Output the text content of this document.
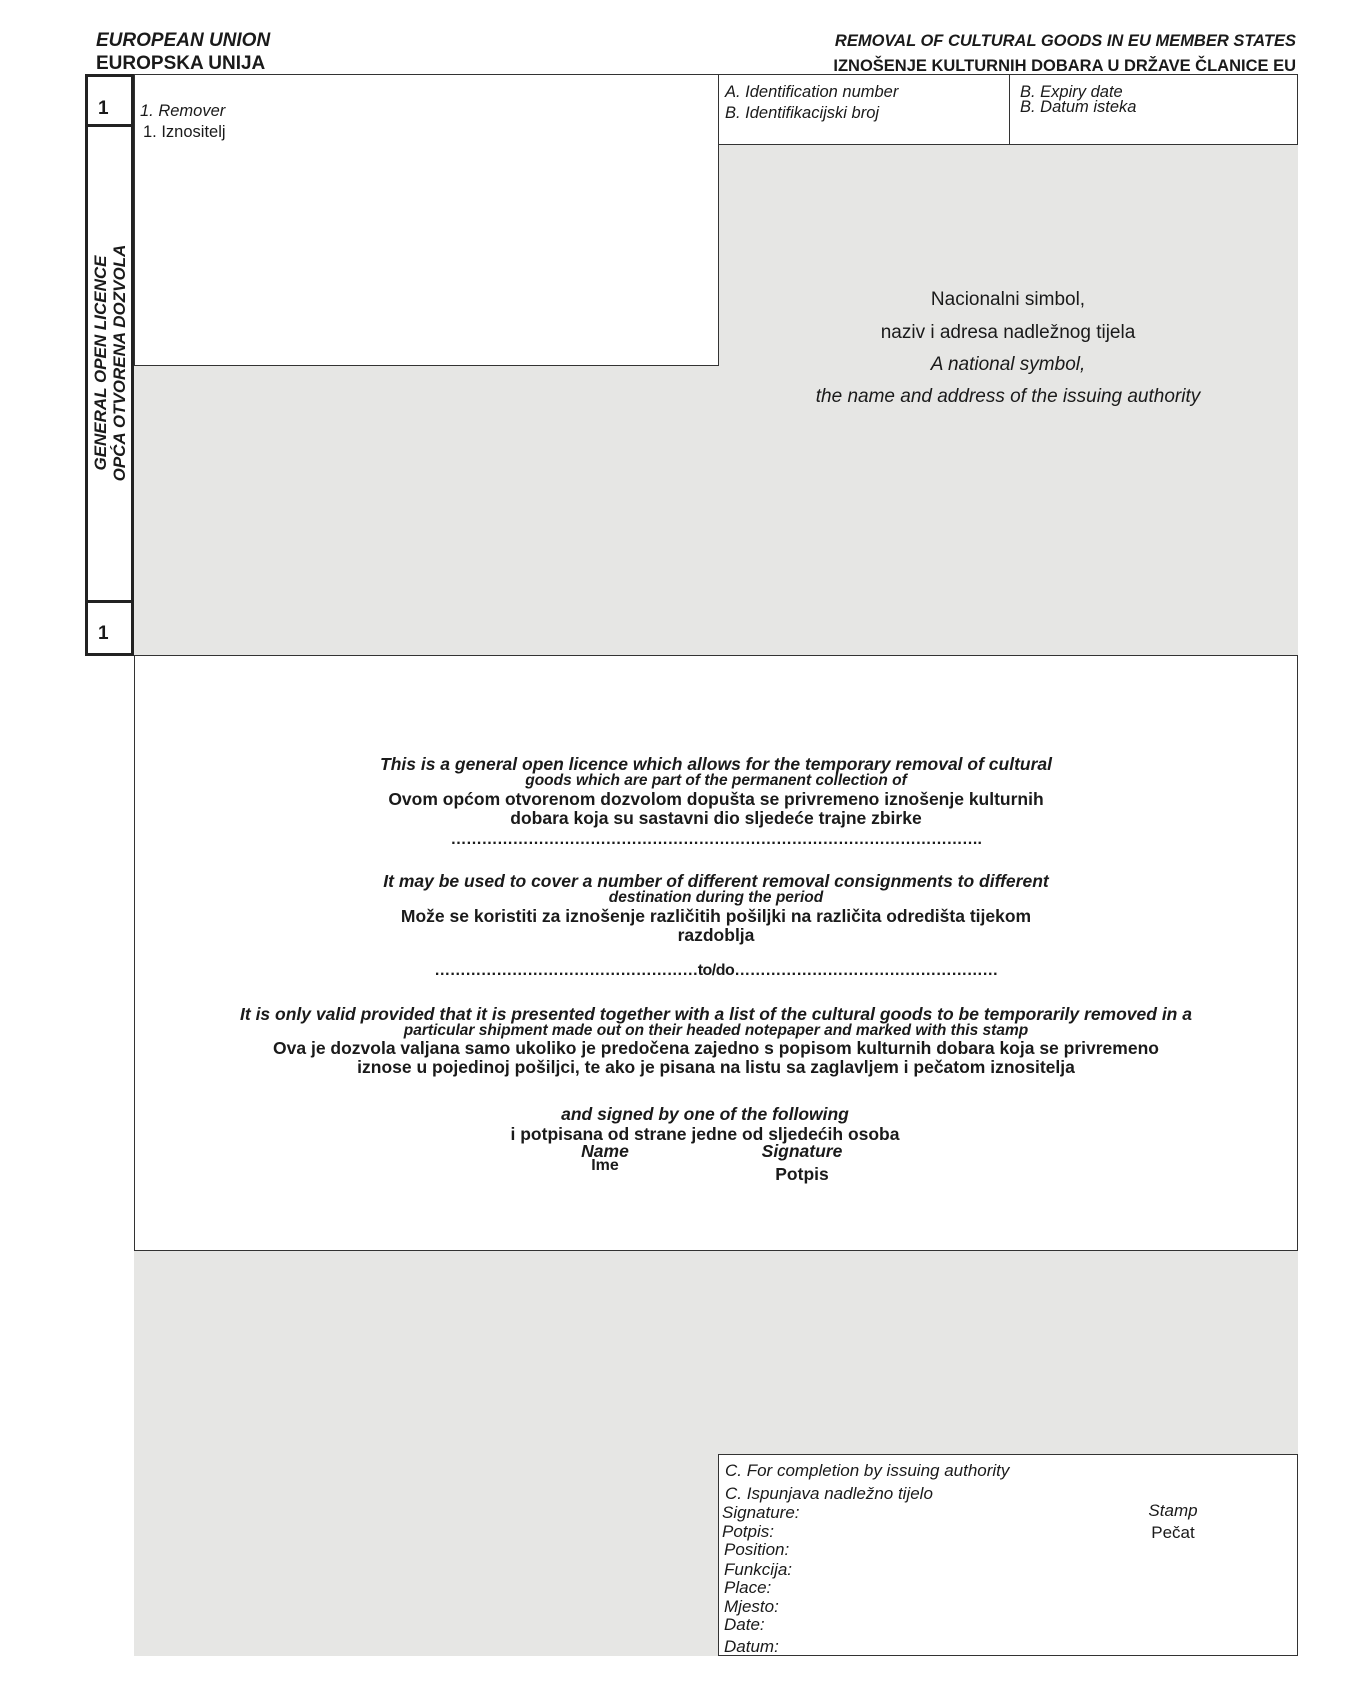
EUROPEAN UNION
EUROPSKA UNIJA
REMOVAL OF CULTURAL GOODS IN EU MEMBER STATES
IZNOŠENJE KULTURNIH DOBARA U DRŽAVE ČLANICE EU
1
1
GENERAL OPEN LICENCE OPĆA OTVORENA DOZVOLA
1. Remover
1. Iznositelj
A. Identification number
B. Identifikacijski broj
B. Expiry date
B. Datum isteka
Nacionalni simbol,
naziv i adresa nadležnog tijela
A national symbol,
the name and address of the issuing authority
This is a general open licence which allows for the temporary removal of cultural
goods which are part of the permanent collection of
Ovom općom otvorenom dozvolom dopušta se privremeno iznošenje kulturnih
dobara koja su sastavni dio sljedeće trajne zbirke
………………………………………………………………………………………….
It may be used to cover a number of different removal consignments to different
destination during the period
Može se koristiti za iznošenje različitih pošiljki na različita odredišta tijekom
razdoblja
……………………………………………to/do……………………………………………
It is only valid provided that it is presented together with a list of the cultural goods to be temporarily removed in a
particular shipment made out on their headed notepaper and marked with this stamp
Ova je dozvola valjana samo ukoliko je predočena zajedno s popisom kulturnih dobara koja se privremeno
iznose u pojedinoj pošiljci, te ako je pisana na listu sa zaglavljem i pečatom iznositelja
and signed by one of the following
i potpisana od strane jedne od sljedećih osoba
Name
Ime
Signature
Potpis
C. For completion by issuing authority
C. Ispunjava nadležno tijelo
Signature:
Potpis:
Position:
Funkcija:
Place:
Mjesto:
Date:
Datum:
Stamp
Pečat
